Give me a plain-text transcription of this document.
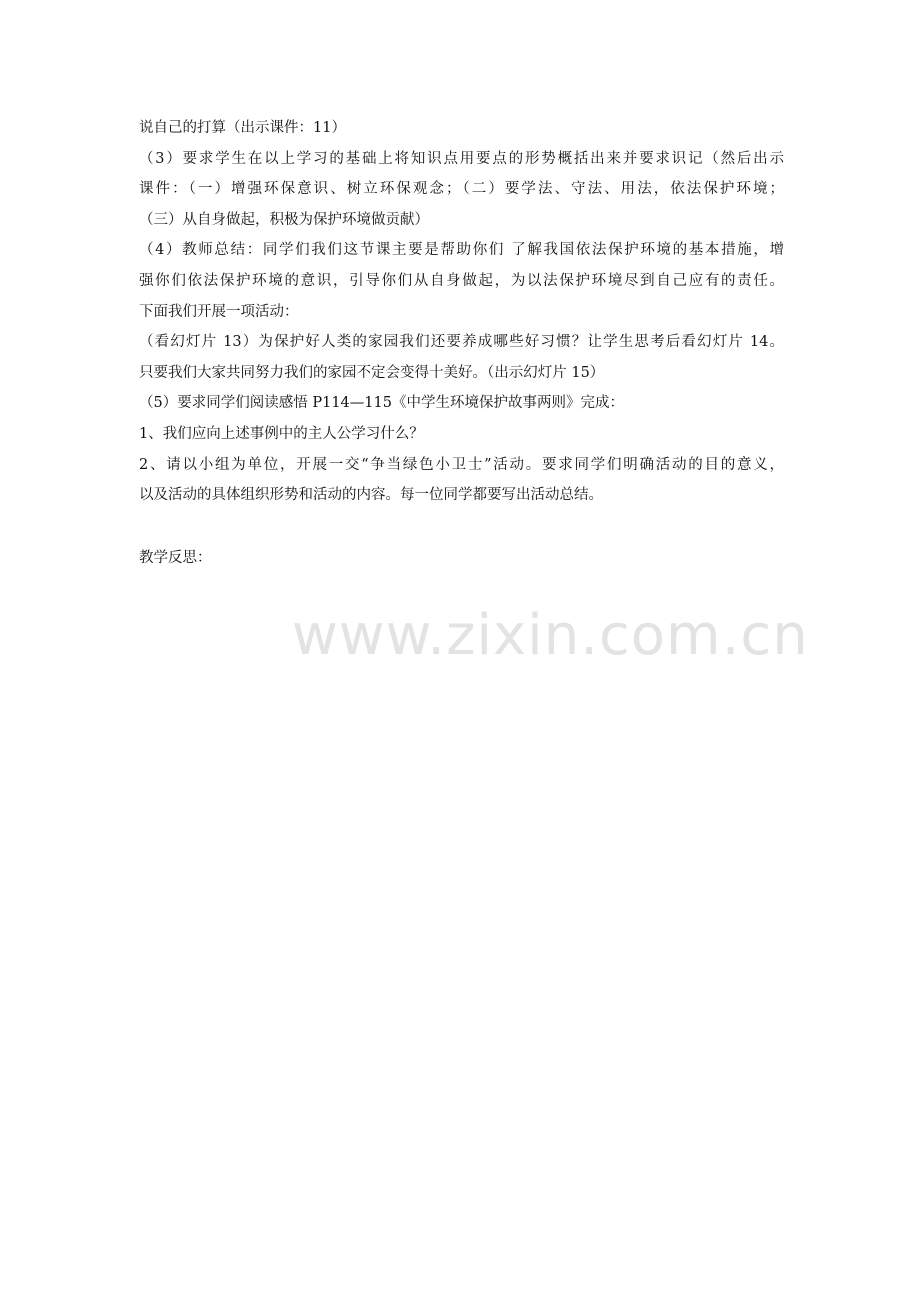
www.zixin.com.cn
说自己的打算（出示课件：11）
（3）要求学生在以上学习的基础上将知识点用要点的形势概括出来并要求识记（然后出示
课件：（一）增强环保意识、树立环保观念；（二）要学法、守法、用法，依法保护环境；
（三）从自身做起，积极为保护环境做贡献）
（4）教师总结：同学们我们这节课主要是帮助你们 了解我国依法保护环境的基本措施，增
强你们依法保护环境的意识，引导你们从自身做起，为以法保护环境尽到自己应有的责任。
下面我们开展一项活动：
（看幻灯片 13）为保护好人类的家园我们还要养成哪些好习惯？让学生思考后看幻灯片 14。
只要我们大家共同努力我们的家园不定会变得十美好。（出示幻灯片 15）
（5）要求同学们阅读感悟 P114—115《中学生环境保护故事两则》完成：
1、我们应向上述事例中的主人公学习什么？
2、请以小组为单位，开展一交“争当绿色小卫士”活动。要求同学们明确活动的目的意义，
以及活动的具体组织形势和活动的内容。每一位同学都要写出活动总结。
教学反思：
